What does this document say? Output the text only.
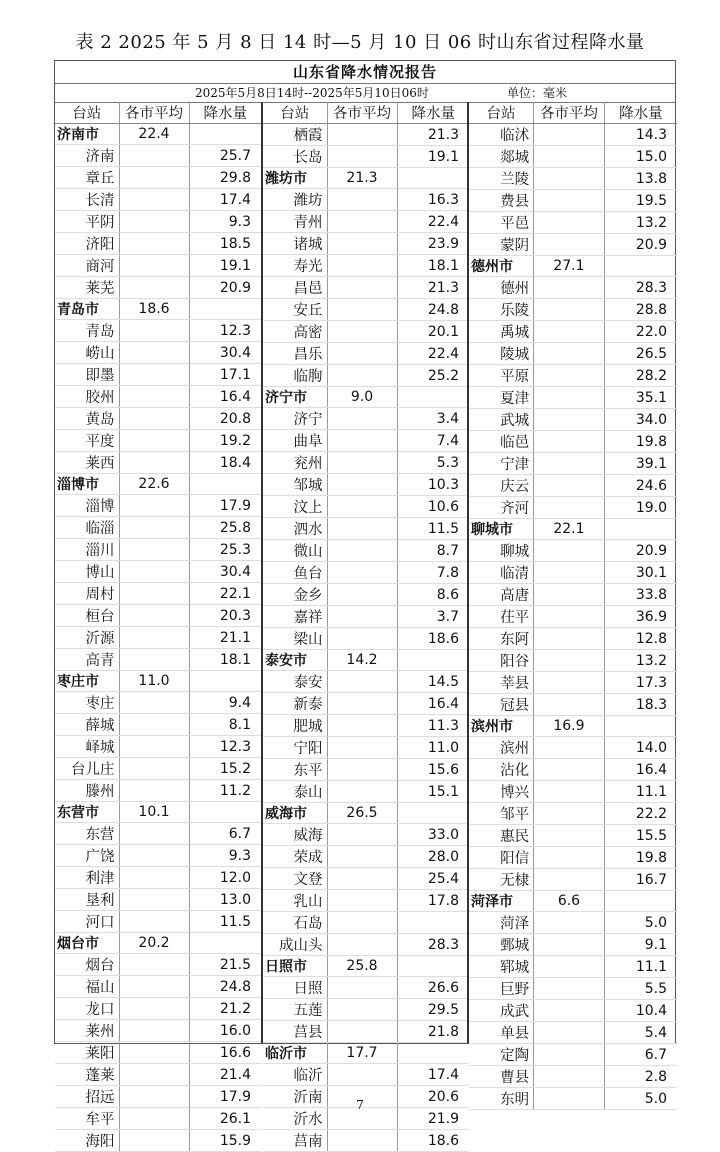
表 2 2025 年 5 月 8 日 14 时—5 月 10 日 06 时山东省过程降水量
山东省降水情况报告
2025年5月8日14时--2025年5月10日06时	单位：毫米
台站	各市平均	降水量
济南市	22.4	
济南		25.7
章丘		29.8
长清		17.4
平阴		9.3
济阳		18.5
商河		19.1
莱芜		20.9
青岛市	18.6	
青岛		12.3
崂山		30.4
即墨		17.1
胶州		16.4
黄岛		20.8
平度		19.2
莱西		18.4
淄博市	22.6	
淄博		17.9
临淄		25.8
淄川		25.3
博山		30.4
周村		22.1
桓台		20.3
沂源		21.1
高青		18.1
枣庄市	11.0	
枣庄		9.4
薛城		8.1
峄城		12.3
台儿庄		15.2
滕州		11.2
东营市	10.1	
东营		6.7
广饶		9.3
利津		12.0
垦利		13.0
河口		11.5
烟台市	20.2	
烟台		21.5
福山		24.8
龙口		21.2
莱州		16.0
莱阳		16.6
蓬莱		21.4
招远		17.9
牟平		26.1
海阳		15.9
台站	各市平均	降水量
栖霞		21.3
长岛		19.1
潍坊市	21.3	
潍坊		16.3
青州		22.4
诸城		23.9
寿光		18.1
昌邑		21.3
安丘		24.8
高密		20.1
昌乐		22.4
临朐		25.2
济宁市	9.0	
济宁		3.4
曲阜		7.4
兖州		5.3
邹城		10.3
汶上		10.6
泗水		11.5
微山		8.7
鱼台		7.8
金乡		8.6
嘉祥		3.7
梁山		18.6
泰安市	14.2	
泰安		14.5
新泰		16.4
肥城		11.3
宁阳		11.0
东平		15.6
泰山		15.1
威海市	26.5	
威海		33.0
荣成		28.0
文登		25.4
乳山		17.8
石岛		
成山头		28.3
日照市	25.8	
日照		26.6
五莲		29.5
莒县		21.8
临沂市	17.7	
临沂		17.4
沂南		20.6
沂水		21.9
莒南		18.6
台站	各市平均	降水量
临沭		14.3
郯城		15.0
兰陵		13.8
费县		19.5
平邑		13.2
蒙阴		20.9
德州市	27.1	
德州		28.3
乐陵		28.8
禹城		22.0
陵城		26.5
平原		28.2
夏津		35.1
武城		34.0
临邑		19.8
宁津		39.1
庆云		24.6
齐河		19.0
聊城市	22.1	
聊城		20.9
临清		30.1
高唐		33.8
茌平		36.9
东阿		12.8
阳谷		13.2
莘县		17.3
冠县		18.3
滨州市	16.9	
滨州		14.0
沾化		16.4
博兴		11.1
邹平		22.2
惠民		15.5
阳信		19.8
无棣		16.7
菏泽市	6.6	
菏泽		5.0
鄄城		9.1
郓城		11.1
巨野		5.5
成武		10.4
单县		5.4
定陶		6.7
曹县		2.8
东明		5.0
7
